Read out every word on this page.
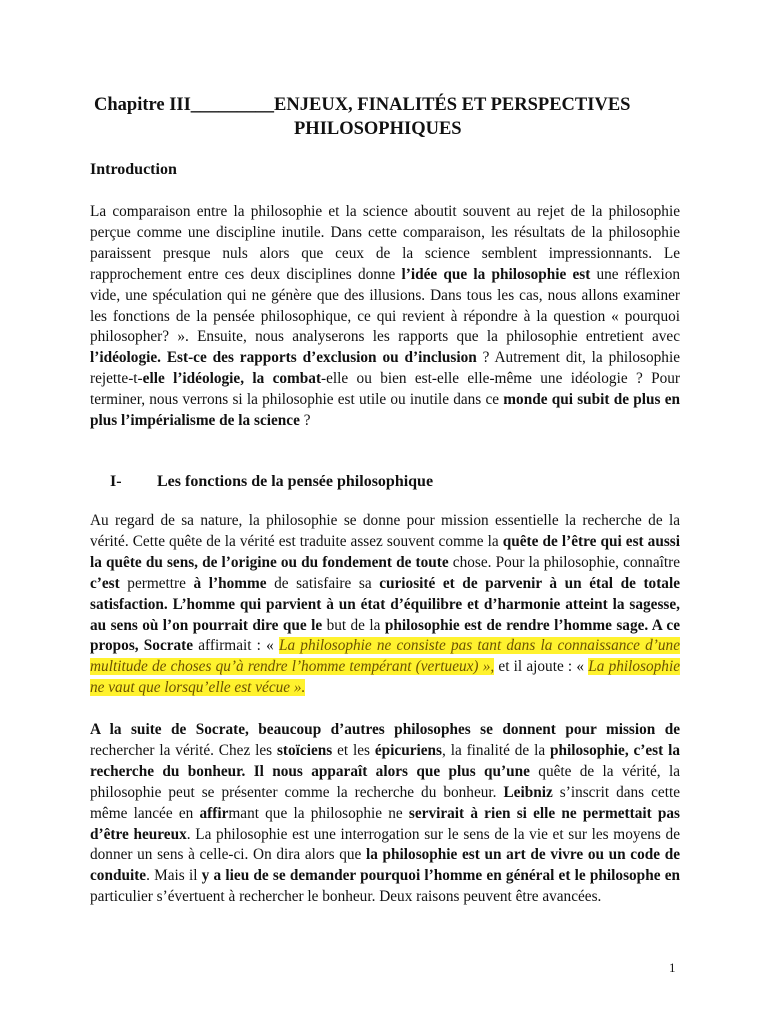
Chapitre III_________ENJEUX, FINALITÉS ET PERSPECTIVES
PHILOSOPHIQUES
Introduction

La comparaison entre la philosophie et la science aboutit souvent au rejet de la philosophie perçue comme une discipline inutile. Dans cette comparaison, les résultats de la philosophie paraissent presque nuls alors que ceux de la science semblent impressionnants. Le rapprochement entre ces deux disciplines donne l’idée que la philosophie est une réflexion vide, une spéculation qui ne génère que des illusions. Dans tous les cas, nous allons examiner les fonctions de la pensée philosophique, ce qui revient à répondre à la question « pourquoi philosopher? ». Ensuite, nous analyserons les rapports que la philosophie entretient avec l’idéologie. Est-ce des rapports d’exclusion ou d’inclusion ? Autrement dit, la philosophie rejette-t-elle l’idéologie, la combat-elle ou bien est-elle elle-même une idéologie ? Pour terminer, nous verrons si la philosophie est utile ou inutile dans ce monde qui subit de plus en plus l’impérialisme de la science ?

I- Les fonctions de la pensée philosophique

Au regard de sa nature, la philosophie se donne pour mission essentielle la recherche de la vérité. Cette quête de la vérité est traduite assez souvent comme la quête de l’être qui est aussi la quête du sens, de l’origine ou du fondement de toute chose. Pour la philosophie, connaître c’est permettre à l’homme de satisfaire sa curiosité et de parvenir à un étal de totale satisfaction. L’homme qui parvient à un état d’équilibre et d’harmonie atteint la sagesse, au sens où l’on pourrait dire que le but de la philosophie est de rendre l’homme sage. A ce propos, Socrate affirmait : « La philosophie ne consiste pas tant dans la connaissance d’une multitude de choses qu’à rendre l’homme tempérant (vertueux) », et il ajoute : « La philosophie ne vaut que lorsqu’elle est vécue ».

A la suite de Socrate, beaucoup d’autres philosophes se donnent pour mission de rechercher la vérité. Chez les stoïciens et les épicuriens, la finalité de la philosophie, c’est la recherche du bonheur. Il nous apparaît alors que plus qu’une quête de la vérité, la philosophie peut se présenter comme la recherche du bonheur. Leibniz s’inscrit dans cette même lancée en affirmant que la philosophie ne servirait à rien si elle ne permettait pas d’être heureux. La philosophie est une interrogation sur le sens de la vie et sur les moyens de donner un sens à celle-ci. On dira alors que la philosophie est un art de vivre ou un code de conduite. Mais il y a lieu de se demander pourquoi l’homme en général et le philosophe en particulier s’évertuent à rechercher le bonheur. Deux raisons peuvent être avancées.

1
